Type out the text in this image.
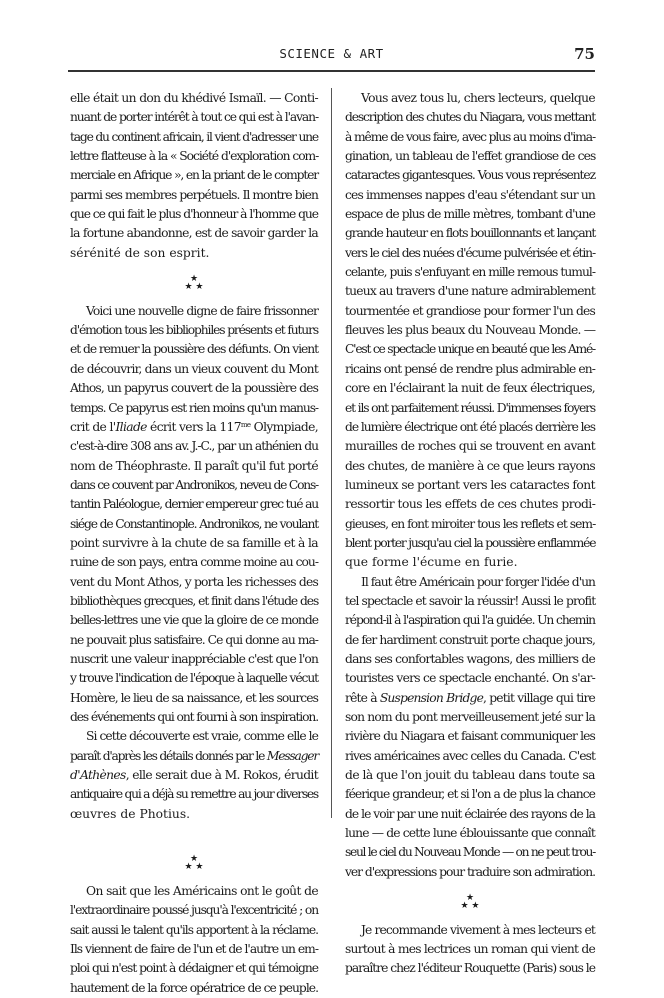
SCIENCE & ART	75
elle était un don du khédivé Ismaïl. — Conti-
nuant de porter intérêt à tout ce qui est à l'avan-
tage du continent africain, il vient d'adresser une
lettre flatteuse à la « Société d'exploration com-
merciale en Afrique », en la priant de le compter
parmi ses membres perpétuels. Il montre bien
que ce qui fait le plus d'honneur à l'homme que
la fortune abandonne, est de savoir garder la
sérénité de son esprit.
★
★ ★
Voici une nouvelle digne de faire frissonner
d'émotion tous les bibliophiles présents et futurs
et de remuer la poussière des défunts. On vient
de découvrir, dans un vieux couvent du Mont
Athos, un papyrus couvert de la poussière des
temps. Ce papyrus est rien moins qu'un manus-
crit de l'Iliade écrit vers la $117^{me}$ Olympiade,
c'est-à-dire 308 ans av. J.-C., par un athénien du
nom de Théophraste. Il paraît qu'il fut porté
dans ce couvent par Andronikos, neveu de Cons-
tantin Paléologue, dernier empereur grec tué au
siége de Constantinople. Andronikos, ne voulant
point survivre à la chute de sa famille et à la
ruine de son pays, entra comme moine au cou-
vent du Mont Athos, y porta les richesses des
bibliothèques grecques, et finit dans l'étude des
belles-lettres une vie que la gloire de ce monde
ne pouvait plus satisfaire. Ce qui donne au ma-
nuscrit une valeur inappréciable c'est que l'on
y trouve l'indication de l'époque à laquelle vécut
Homère, le lieu de sa naissance, et les sources
des événements qui ont fourni à son inspiration.
Si cette découverte est vraie, comme elle le
paraît d'après les détails donnés par le Messager
d'Athènes, elle serait due à M. Rokos, érudit
antiquaire qui a déjà su remettre au jour diverses
œuvres de Photius.
★
★ ★
On sait que les Américains ont le goût de
l'extraordinaire poussé jusqu'à l'excentricité ; on
sait aussi le talent qu'ils apportent à la réclame.
Ils viennent de faire de l'un et de l'autre un em-
ploi qui n'est point à dédaigner et qui témoigne
hautement de la force opératrice de ce peuple.
Vous avez tous lu, chers lecteurs, quelque
description des chutes du Niagara, vous mettant
à même de vous faire, avec plus au moins d'ima-
gination, un tableau de l'effet grandiose de ces
cataractes gigantesques. Vous vous représentez
ces immenses nappes d'eau s'étendant sur un
espace de plus de mille mètres, tombant d'une
grande hauteur en flots bouillonnants et lançant
vers le ciel des nuées d'écume pulvérisée et étin-
celante, puis s'enfuyant en mille remous tumul-
tueux au travers d'une nature admirablement
tourmentée et grandiose pour former l'un des
fleuves les plus beaux du Nouveau Monde. —
C'est ce spectacle unique en beauté que les Amé-
ricains ont pensé de rendre plus admirable en-
core en l'éclairant la nuit de feux électriques,
et ils ont parfaitement réussi. D'immenses foyers
de lumière électrique ont été placés derrière les
murailles de roches qui se trouvent en avant
des chutes, de manière à ce que leurs rayons
lumineux se portant vers les cataractes font
ressortir tous les effets de ces chutes prodi-
gieuses, en font miroiter tous les reflets et sem-
blent porter jusqu'au ciel la poussière enflammée
que forme l'écume en furie.
Il faut être Américain pour forger l'idée d'un
tel spectacle et savoir la réussir! Aussi le profit
répond-il à l'aspiration qui l'a guidée. Un chemin
de fer hardiment construit porte chaque jours,
dans ses confortables wagons, des milliers de
touristes vers ce spectacle enchanté. On s'ar-
rête à Suspension Bridge, petit village qui tire
son nom du pont merveilleusement jeté sur la
rivière du Niagara et faisant communiquer les
rives américaines avec celles du Canada. C'est
de là que l'on jouit du tableau dans toute sa
féerique grandeur, et si l'on a de plus la chance
de le voir par une nuit éclairée des rayons de la
lune — de cette lune éblouissante que connaît
seul le ciel du Nouveau Monde — on ne peut trou-
ver d'expressions pour traduire son admiration.
★
★ ★
Je recommande vivement à mes lecteurs et
surtout à mes lectrices un roman qui vient de
paraître chez l'éditeur Rouquette (Paris) sous le
